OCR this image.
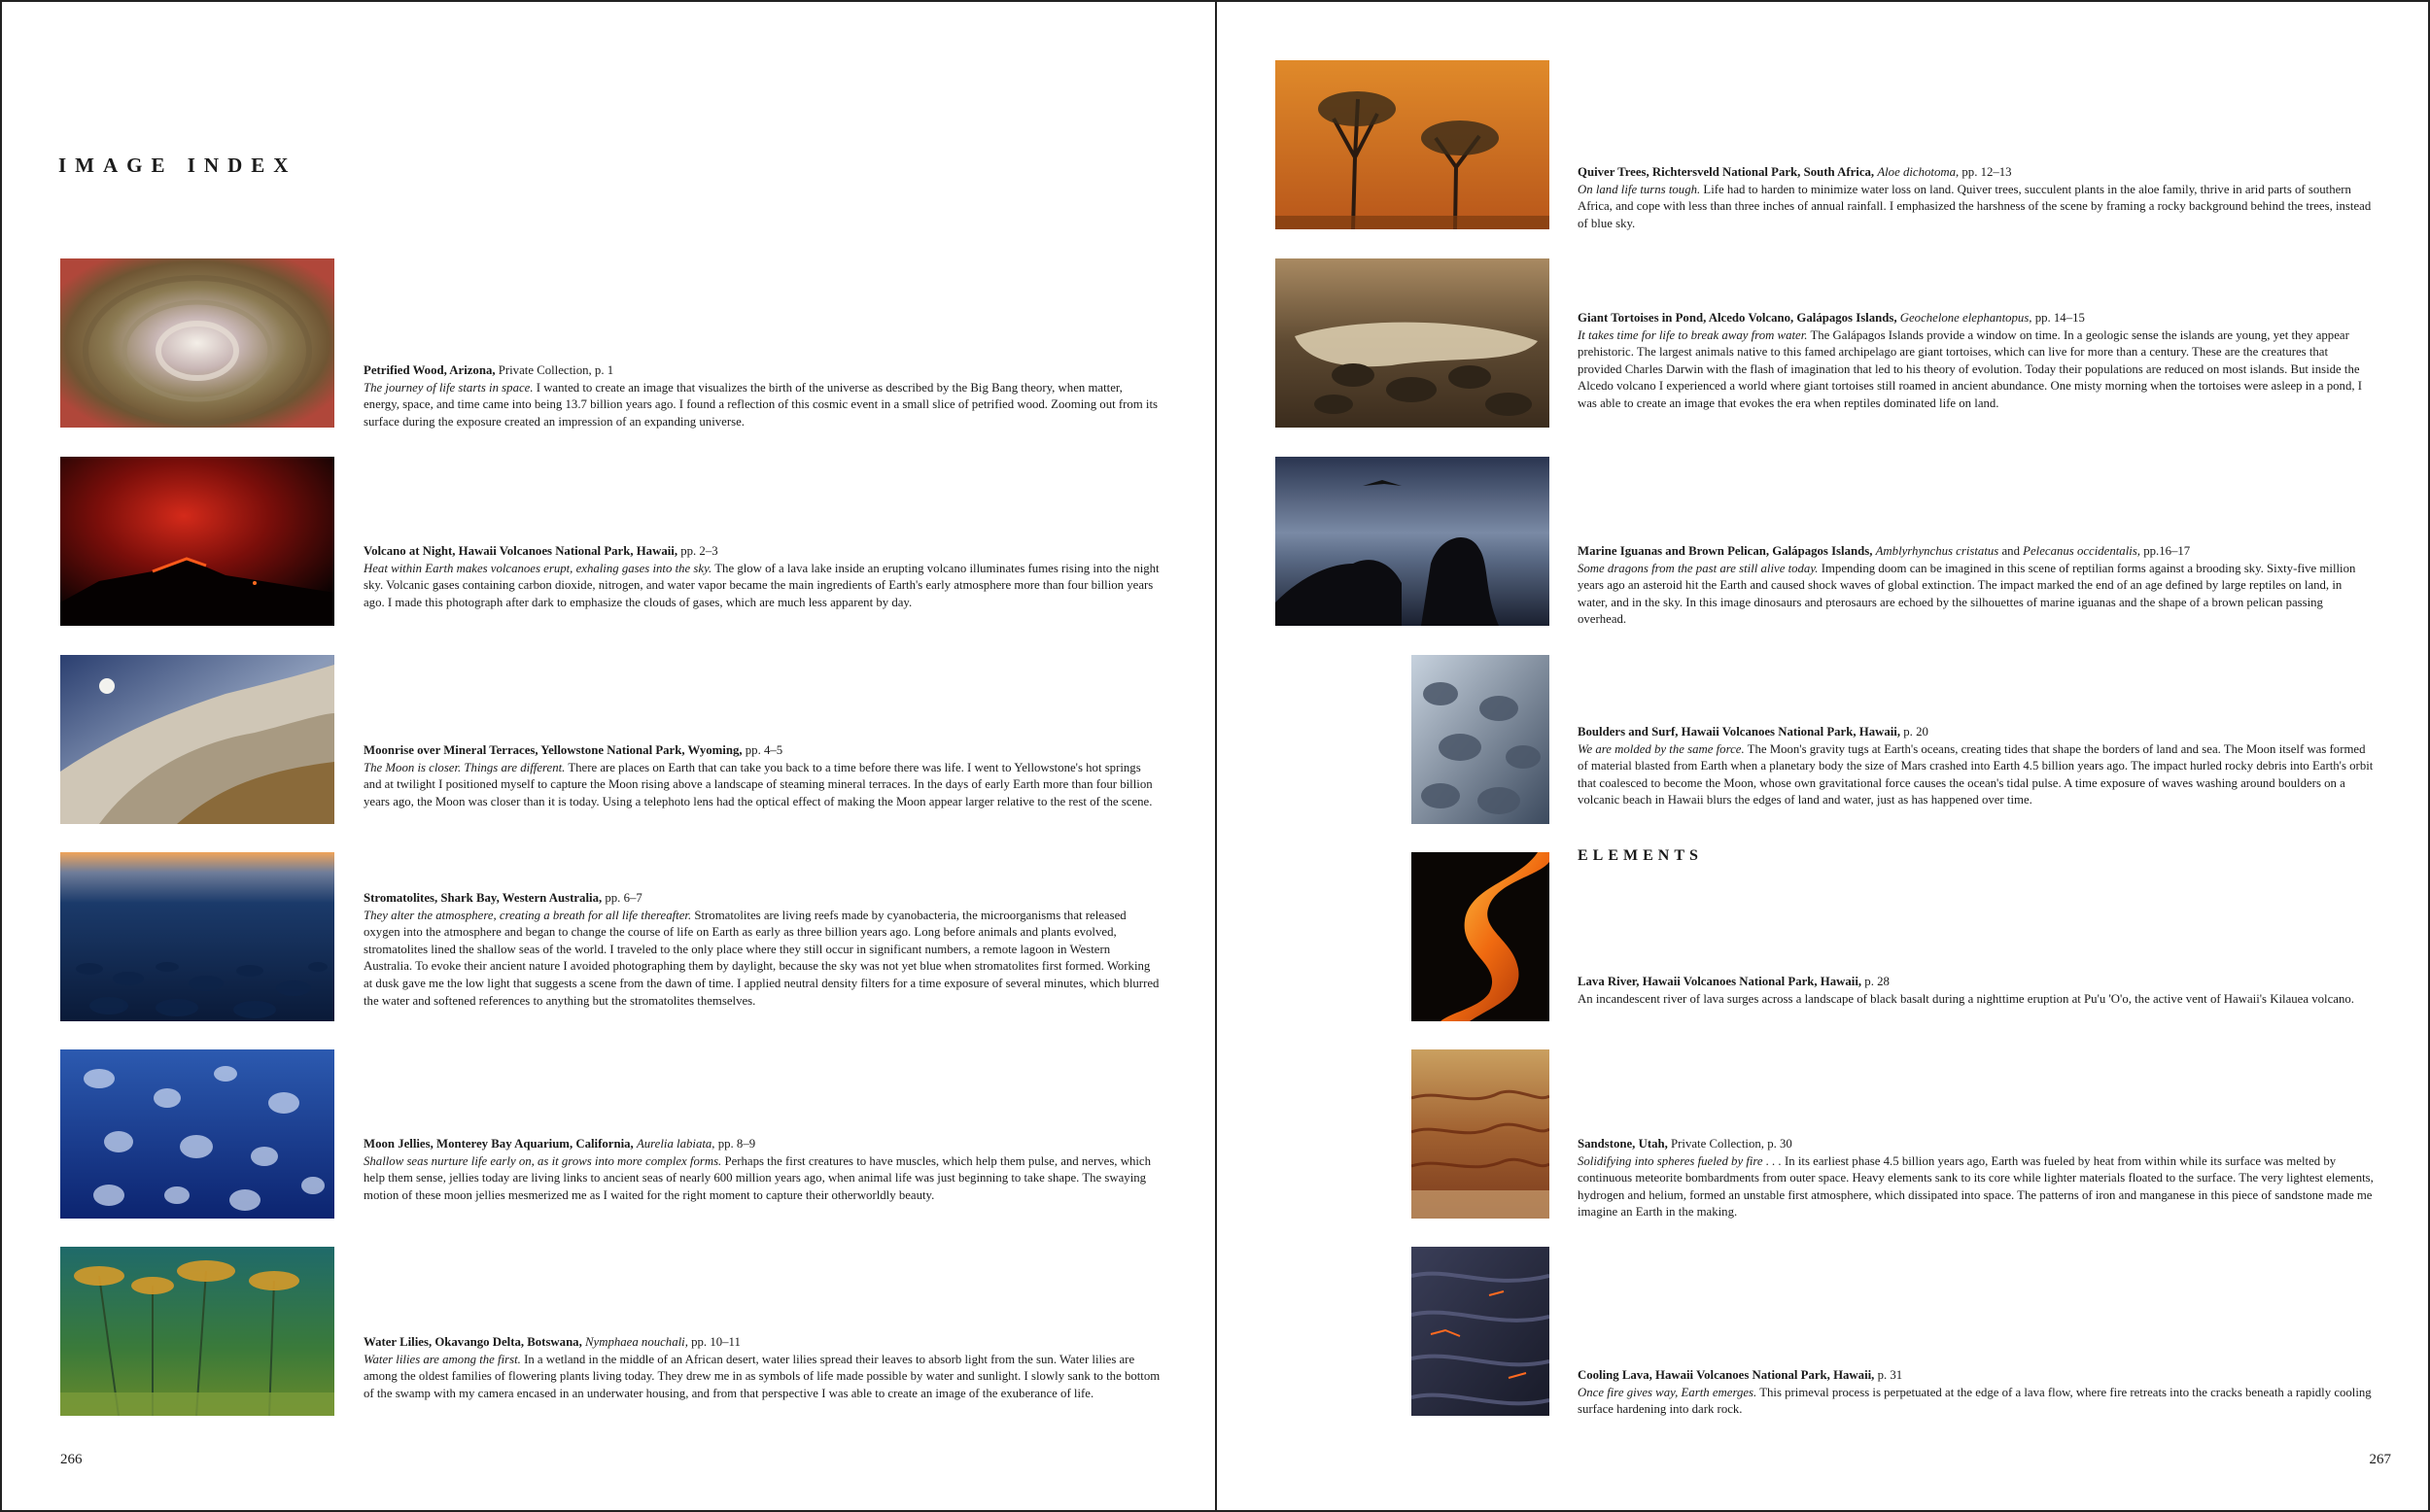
IMAGE INDEX
Petrified Wood, Arizona, Private Collection, p. 1
The journey of life starts in space. I wanted to create an image that visualizes the birth of the universe as described by the Big Bang theory, when matter, energy, space, and time came into being 13.7 billion years ago. I found a reflection of this cosmic event in a small slice of petrified wood. Zooming out from its surface during the exposure created an impression of an expanding universe.
Volcano at Night, Hawaii Volcanoes National Park, Hawaii, pp. 2–3
Heat within Earth makes volcanoes erupt, exhaling gases into the sky. The glow of a lava lake inside an erupting volcano illuminates fumes rising into the night sky. Volcanic gases containing carbon dioxide, nitrogen, and water vapor became the main ingredients of Earth's early atmosphere more than four billion years ago. I made this photograph after dark to emphasize the clouds of gases, which are much less apparent by day.
Moonrise over Mineral Terraces, Yellowstone National Park, Wyoming, pp. 4–5
The Moon is closer. Things are different. There are places on Earth that can take you back to a time before there was life. I went to Yellowstone's hot springs and at twilight I positioned myself to capture the Moon rising above a landscape of steaming mineral terraces. In the days of early Earth more than four billion years ago, the Moon was closer than it is today. Using a telephoto lens had the optical effect of making the Moon appear larger relative to the rest of the scene.
Stromatolites, Shark Bay, Western Australia, pp. 6–7
They alter the atmosphere, creating a breath for all life thereafter. Stromatolites are living reefs made by cyanobacteria, the microorganisms that released oxygen into the atmosphere and began to change the course of life on Earth as early as three billion years ago. Long before animals and plants evolved, stromatolites lined the shallow seas of the world. I traveled to the only place where they still occur in significant numbers, a remote lagoon in Western Australia. To evoke their ancient nature I avoided photographing them by daylight, because the sky was not yet blue when stromatolites first formed. Working at dusk gave me the low light that suggests a scene from the dawn of time. I applied neutral density filters for a time exposure of several minutes, which blurred the water and softened references to anything but the stromatolites themselves.
Moon Jellies, Monterey Bay Aquarium, California, Aurelia labiata, pp. 8–9
Shallow seas nurture life early on, as it grows into more complex forms. Perhaps the first creatures to have muscles, which help them pulse, and nerves, which help them sense, jellies today are living links to ancient seas of nearly 600 million years ago, when animal life was just beginning to take shape. The swaying motion of these moon jellies mesmerized me as I waited for the right moment to capture their otherworldly beauty.
Water Lilies, Okavango Delta, Botswana, Nymphaea nouchali, pp. 10–11
Water lilies are among the first. In a wetland in the middle of an African desert, water lilies spread their leaves to absorb light from the sun. Water lilies are among the oldest families of flowering plants living today. They drew me in as symbols of life made possible by water and sunlight. I slowly sank to the bottom of the swamp with my camera encased in an underwater housing, and from that perspective I was able to create an image of the exuberance of life.
266
Quiver Trees, Richtersveld National Park, South Africa, Aloe dichotoma, pp. 12–13
On land life turns tough. Life had to harden to minimize water loss on land. Quiver trees, succulent plants in the aloe family, thrive in arid parts of southern Africa, and cope with less than three inches of annual rainfall. I emphasized the harshness of the scene by framing a rocky background behind the trees, instead of blue sky.
Giant Tortoises in Pond, Alcedo Volcano, Galápagos Islands, Geochelone elephantopus, pp. 14–15
It takes time for life to break away from water. The Galápagos Islands provide a window on time. In a geologic sense the islands are young, yet they appear prehistoric. The largest animals native to this famed archipelago are giant tortoises, which can live for more than a century. These are the creatures that provided Charles Darwin with the flash of imagination that led to his theory of evolution. Today their populations are reduced on most islands. But inside the Alcedo volcano I experienced a world where giant tortoises still roamed in ancient abundance. One misty morning when the tortoises were asleep in a pond, I was able to create an image that evokes the era when reptiles dominated life on land.
Marine Iguanas and Brown Pelican, Galápagos Islands, Amblyrhynchus cristatus and Pelecanus occidentalis, pp.16–17
Some dragons from the past are still alive today. Impending doom can be imagined in this scene of reptilian forms against a brooding sky. Sixty-five million years ago an asteroid hit the Earth and caused shock waves of global extinction. The impact marked the end of an age defined by large reptiles on land, in water, and in the sky. In this image dinosaurs and pterosaurs are echoed by the silhouettes of marine iguanas and the shape of a brown pelican passing overhead.
Boulders and Surf, Hawaii Volcanoes National Park, Hawaii, p. 20
We are molded by the same force. The Moon's gravity tugs at Earth's oceans, creating tides that shape the borders of land and sea. The Moon itself was formed of material blasted from Earth when a planetary body the size of Mars crashed into Earth 4.5 billion years ago. The impact hurled rocky debris into Earth's orbit that coalesced to become the Moon, whose own gravitational force causes the ocean's tidal pulse. A time exposure of waves washing around boulders on a volcanic beach in Hawaii blurs the edges of land and water, just as has happened over time.
ELEMENTS
Lava River, Hawaii Volcanoes National Park, Hawaii, p. 28
An incandescent river of lava surges across a landscape of black basalt during a nighttime eruption at Pu'u 'O'o, the active vent of Hawaii's Kilauea volcano.
Sandstone, Utah, Private Collection, p. 30
Solidifying into spheres fueled by fire . . . In its earliest phase 4.5 billion years ago, Earth was fueled by heat from within while its surface was melted by continuous meteorite bombardments from outer space. Heavy elements sank to its core while lighter materials floated to the surface. The very lightest elements, hydrogen and helium, formed an unstable first atmosphere, which dissipated into space. The patterns of iron and manganese in this piece of sandstone made me imagine an Earth in the making.
Cooling Lava, Hawaii Volcanoes National Park, Hawaii, p. 31
Once fire gives way, Earth emerges. This primeval process is perpetuated at the edge of a lava flow, where fire retreats into the cracks beneath a rapidly cooling surface hardening into dark rock.
267
